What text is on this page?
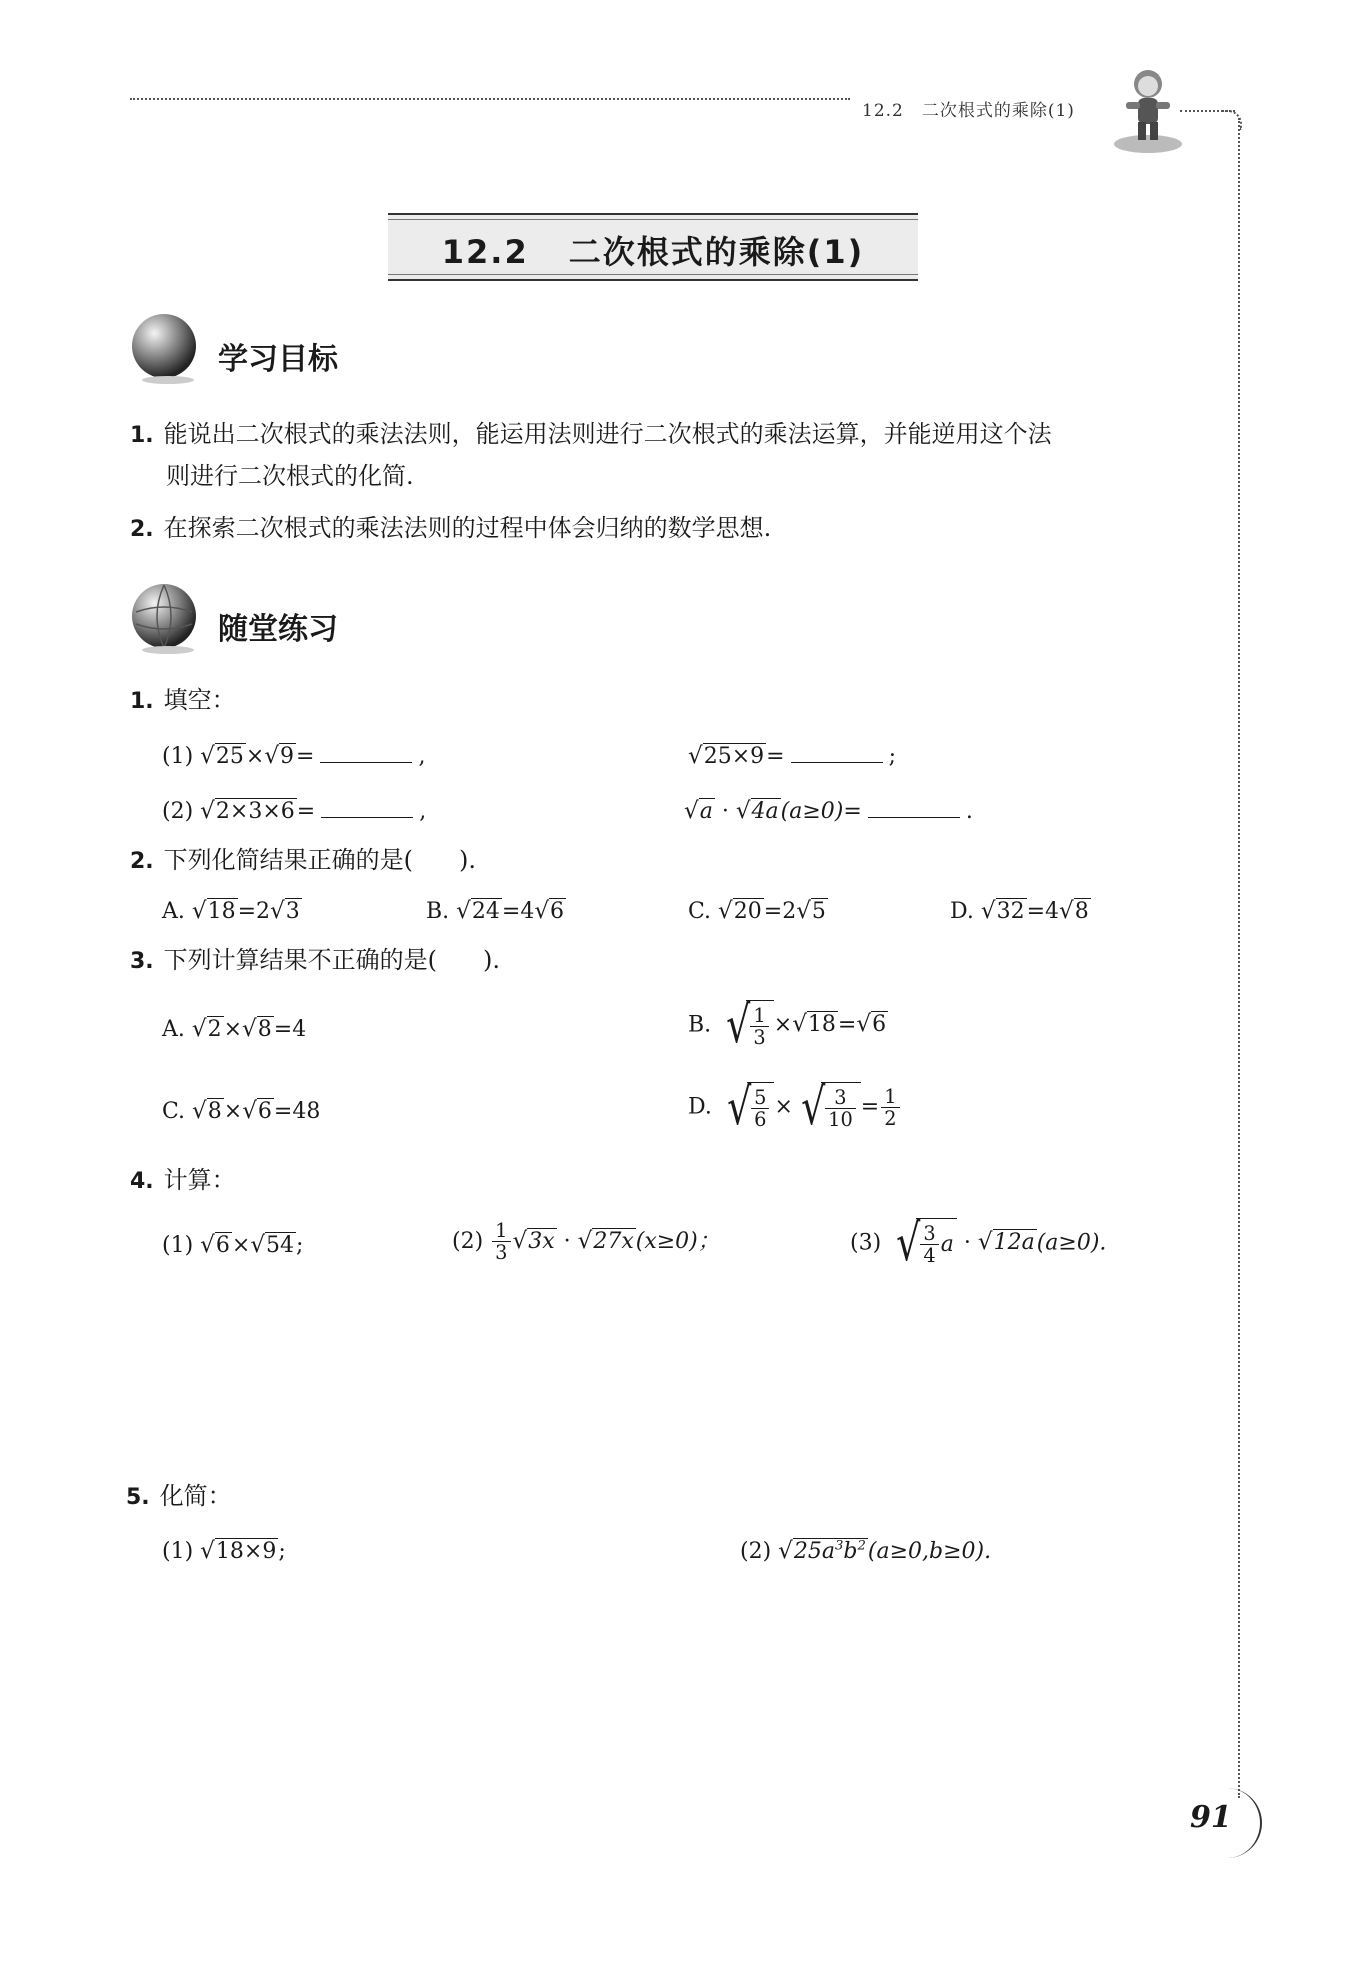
12.2　二次根式的乘除(1)
12.2 二次根式的乘除(1)
学习目标
1. 能说出二次根式的乘法法则，能运用法则进行二次根式的乘法运算，并能逆用这个法
则进行二次根式的化简.
2. 在探索二次根式的乘法法则的过程中体会归纳的数学思想.
随堂练习
1. 填空：
(1) √25×√9=	,	√25×9=	;
(2) √2×3×6=	,	√a · √4a(a≥0)=	.
2. 下列化简结果正确的是( ).
A. √18=2√3	B. √24=4√6	C. √20=2√5	D. √32=4√8
3. 下列计算结果不正确的是( ).
A. √2×√8=4	B. √ $\frac{1}{3} \times√18=√6$
C. √8×√6=48	D. √ $\frac{5}{6}$ × √ $\frac{3}{10} = \frac{1}{2}$
4. 计算：
(1) √6×√54;	$(2) \frac{1}{3} √3x \cdot √27x(x\ge 0)$；	(3) √ $\frac{3}{4}$ a · √12a(a≥0).
5. 化简：
(1) √18×9;	(2) $√25a^3b^2(a\ge 0,b\ge 0)$.
91
